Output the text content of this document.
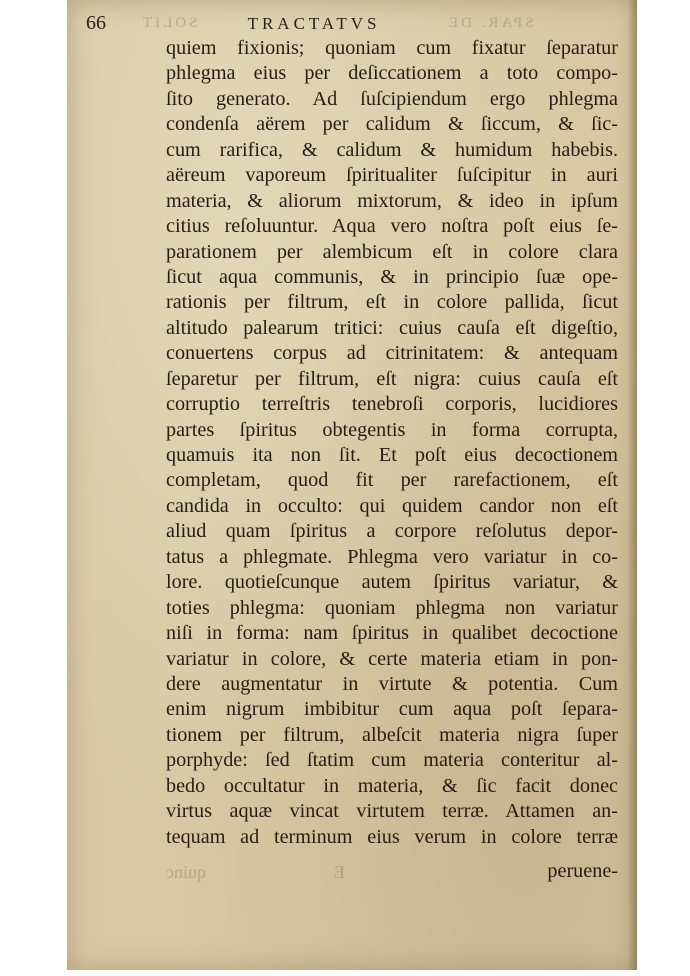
66 SOLIT	TRACTATVS	SPAR. DE
quiem fixionis; quoniam cum fixatur ſeparatur
phlegma eius per deſiccationem a toto compo-
ſito generato. Ad ſuſcipiendum ergo phlegma
condenſa aërem per calidum & ſiccum, & ſic-
cum rarifica, & calidum & humidum habebis.
aëreum vaporeum ſpiritualiter ſuſcipitur in auri
materia, & aliorum mixtorum, & ideo in ipſum
citius reſoluuntur. Aqua vero noſtra poſt eius ſe-
parationem per alembicum eſt in colore clara
ſicut aqua communis, & in principio ſuæ ope-
rationis per filtrum, eſt in colore pallida, ſicut
altitudo palearum tritici: cuius cauſa eſt digeſtio,
conuertens corpus ad citrinitatem: & antequam
ſeparetur per filtrum, eſt nigra: cuius cauſa eſt
corruptio terreſtris tenebroſi corporis, lucidiores
partes ſpiritus obtegentis in forma corrupta,
quamuis ita non ſit. Et poſt eius decoctionem
completam, quod fit per rarefactionem, eſt
candida in occulto: qui quidem candor non eſt
aliud quam ſpiritus a corpore reſolutus depor-
tatus a phlegmate. Phlegma vero variatur in co-
lore. quotieſcunque autem ſpiritus variatur, &
toties phlegma: quoniam phlegma non variatur
niſi in forma: nam ſpiritus in qualibet decoctione
variatur in colore, & certe materia etiam in pon-
dere augmentatur in virtute & potentia. Cum
enim nigrum imbibitur cum aqua poſt ſepara-
tionem per filtrum, albeſcit materia nigra ſuper
porphyde: ſed ſtatim cum materia conteritur al-
bedo occultatur in materia, & ſic facit donec
virtus aquæ vincat virtutem terræ. Attamen an-
tequam ad terminum eius verum in colore terræ
quinc	E	peruene-
